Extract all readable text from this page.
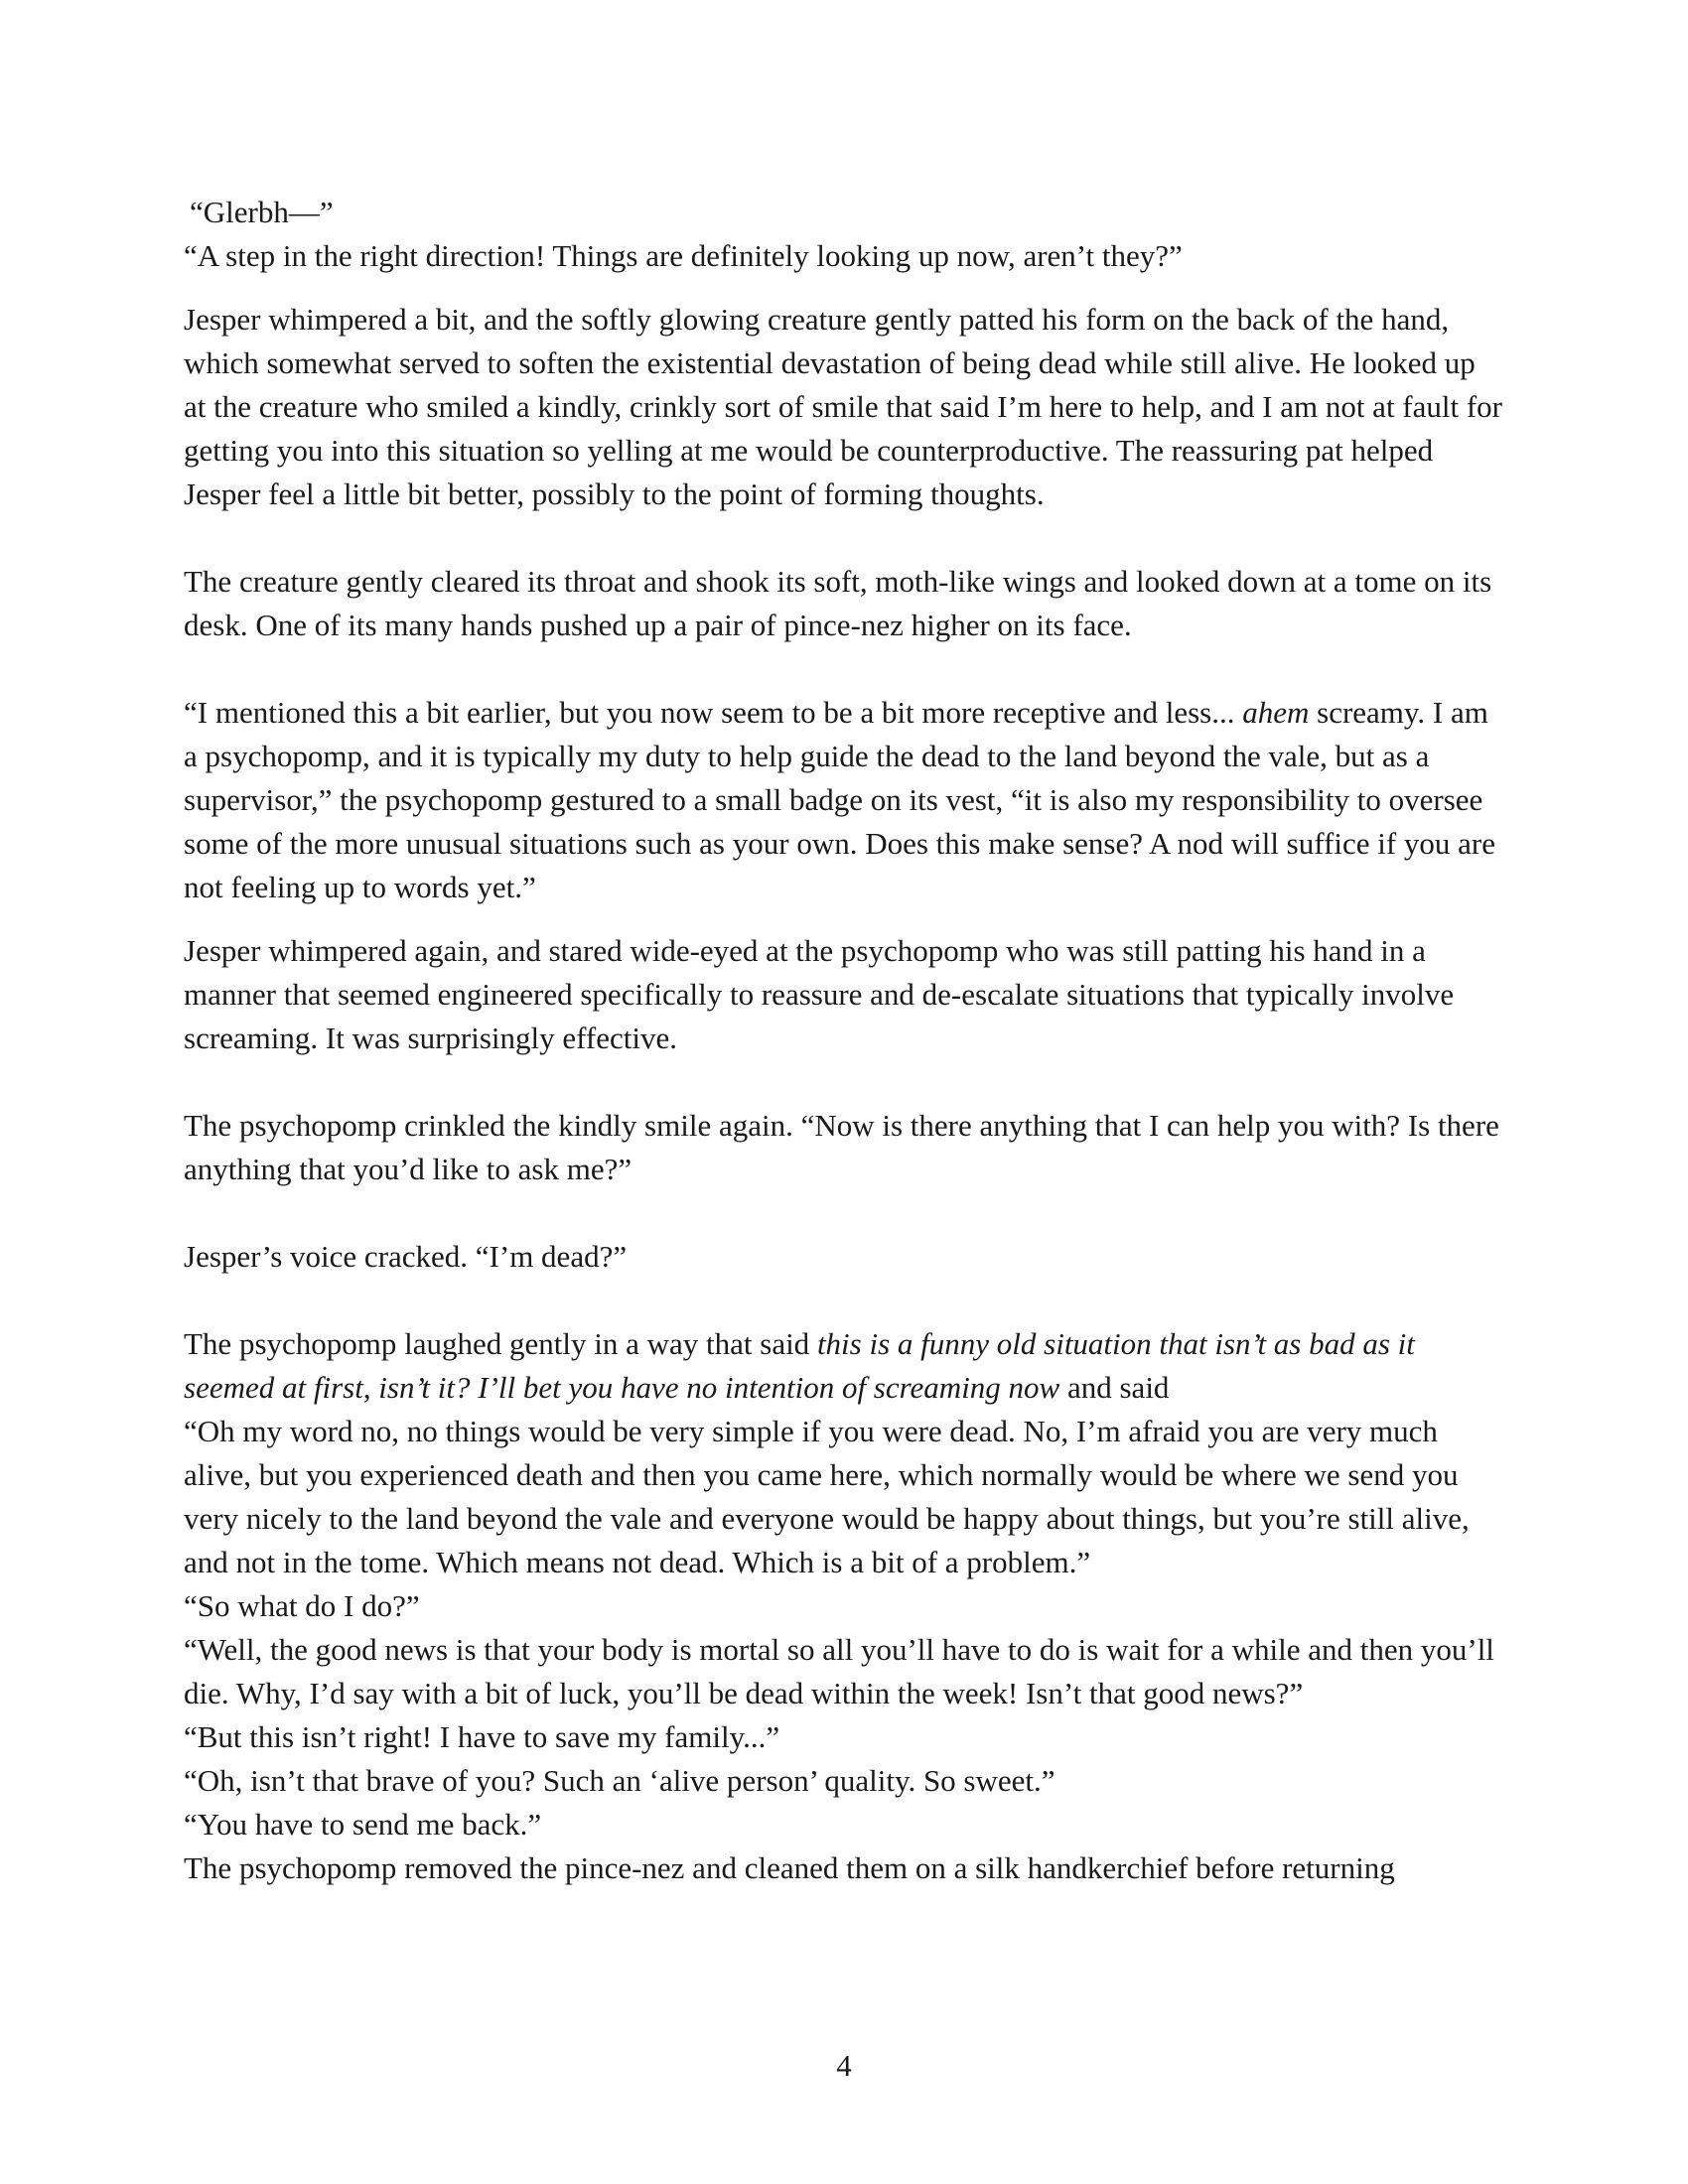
“Glerbh—”

“A step in the right direction! Things are definitely looking up now, aren’t they?”

Jesper whimpered a bit, and the softly glowing creature gently patted his form on the back of the hand, which somewhat served to soften the existential devastation of being dead while still alive. He looked up at the creature who smiled a kindly, crinkly sort of smile that said I’m here to help, and I am not at fault for getting you into this situation so yelling at me would be counterproductive. The reassuring pat helped Jesper feel a little bit better, possibly to the point of forming thoughts.

The creature gently cleared its throat and shook its soft, moth-like wings and looked down at a tome on its desk. One of its many hands pushed up a pair of pince-nez higher on its face.

“I mentioned this a bit earlier, but you now seem to be a bit more receptive and less... ahem screamy. I am a psychopomp, and it is typically my duty to help guide the dead to the land beyond the vale, but as a supervisor,” the psychopomp gestured to a small badge on its vest, “it is also my responsibility to oversee some of the more unusual situations such as your own. Does this make sense? A nod will suffice if you are not feeling up to words yet.”

Jesper whimpered again, and stared wide-eyed at the psychopomp who was still patting his hand in a manner that seemed engineered specifically to reassure and de-escalate situations that typically involve screaming. It was surprisingly effective.

The psychopomp crinkled the kindly smile again. “Now is there anything that I can help you with? Is there anything that you’d like to ask me?”

Jesper’s voice cracked. “I’m dead?”

The psychopomp laughed gently in a way that said this is a funny old situation that isn’t as bad as it seemed at first, isn’t it? I’ll bet you have no intention of screaming now and said

“Oh my word no, no things would be very simple if you were dead. No, I’m afraid you are very much alive, but you experienced death and then you came here, which normally would be where we send you very nicely to the land beyond the vale and everyone would be happy about things, but you’re still alive, and not in the tome. Which means not dead. Which is a bit of a problem.”

“So what do I do?”

“Well, the good news is that your body is mortal so all you’ll have to do is wait for a while and then you’ll die. Why, I’d say with a bit of luck, you’ll be dead within the week! Isn’t that good news?”

“But this isn’t right! I have to save my family...”

“Oh, isn’t that brave of you? Such an ‘alive person’ quality. So sweet.”

“You have to send me back.”

The psychopomp removed the pince-nez and cleaned them on a silk handkerchief before returning

4
